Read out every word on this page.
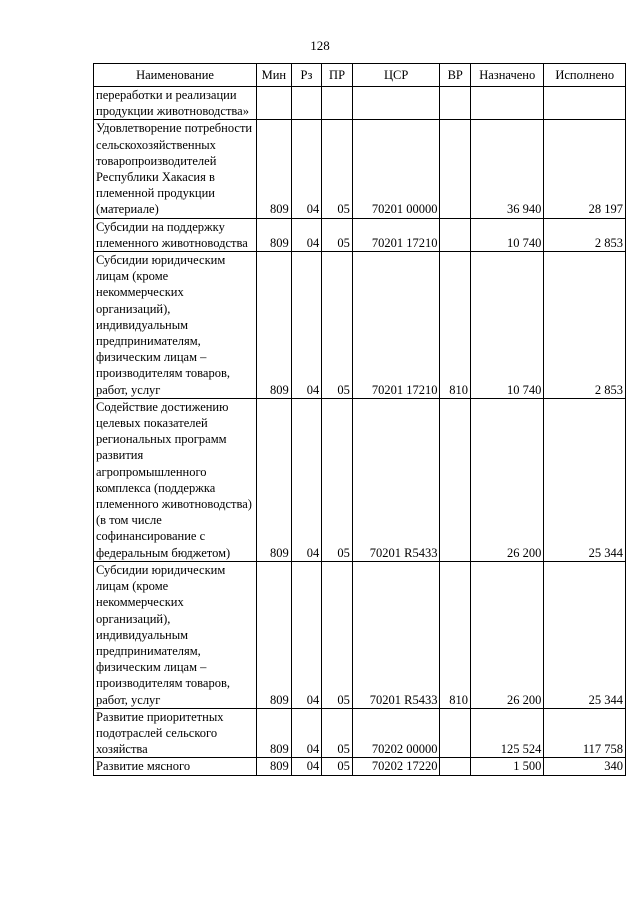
128
Наименование	Мин	Рз	ПР	ЦСР	ВР	Назначено	Исполнено
переработки и реализации продукции животноводства»							
Удовлетворение потребности сельскохозяйственных товаропроизводителей Республики Хакасия в племенной продукции (материале)	809	04	05	70201 00000		36 940	28 197
Субсидии на поддержку племенного животноводства	809	04	05	70201 17210		10 740	2 853
Субсидии юридическим лицам (кроме некоммерческих организаций), индивидуальным предпринимателям, физическим лицам – производителям товаров, работ, услуг	809	04	05	70201 17210	810	10 740	2 853
Содействие достижению целевых показателей региональных программ развития агропромышленного комплекса (поддержка племенного животноводства) (в том числе софинансирование с федеральным бюджетом)	809	04	05	70201 R5433		26 200	25 344
Субсидии юридическим лицам (кроме некоммерческих организаций), индивидуальным предпринимателям, физическим лицам – производителям товаров, работ, услуг	809	04	05	70201 R5433	810	26 200	25 344
Развитие приоритетных подотраслей сельского хозяйства	809	04	05	70202 00000		125 524	117 758
Развитие мясного	809	04	05	70202 17220		1 500	340
